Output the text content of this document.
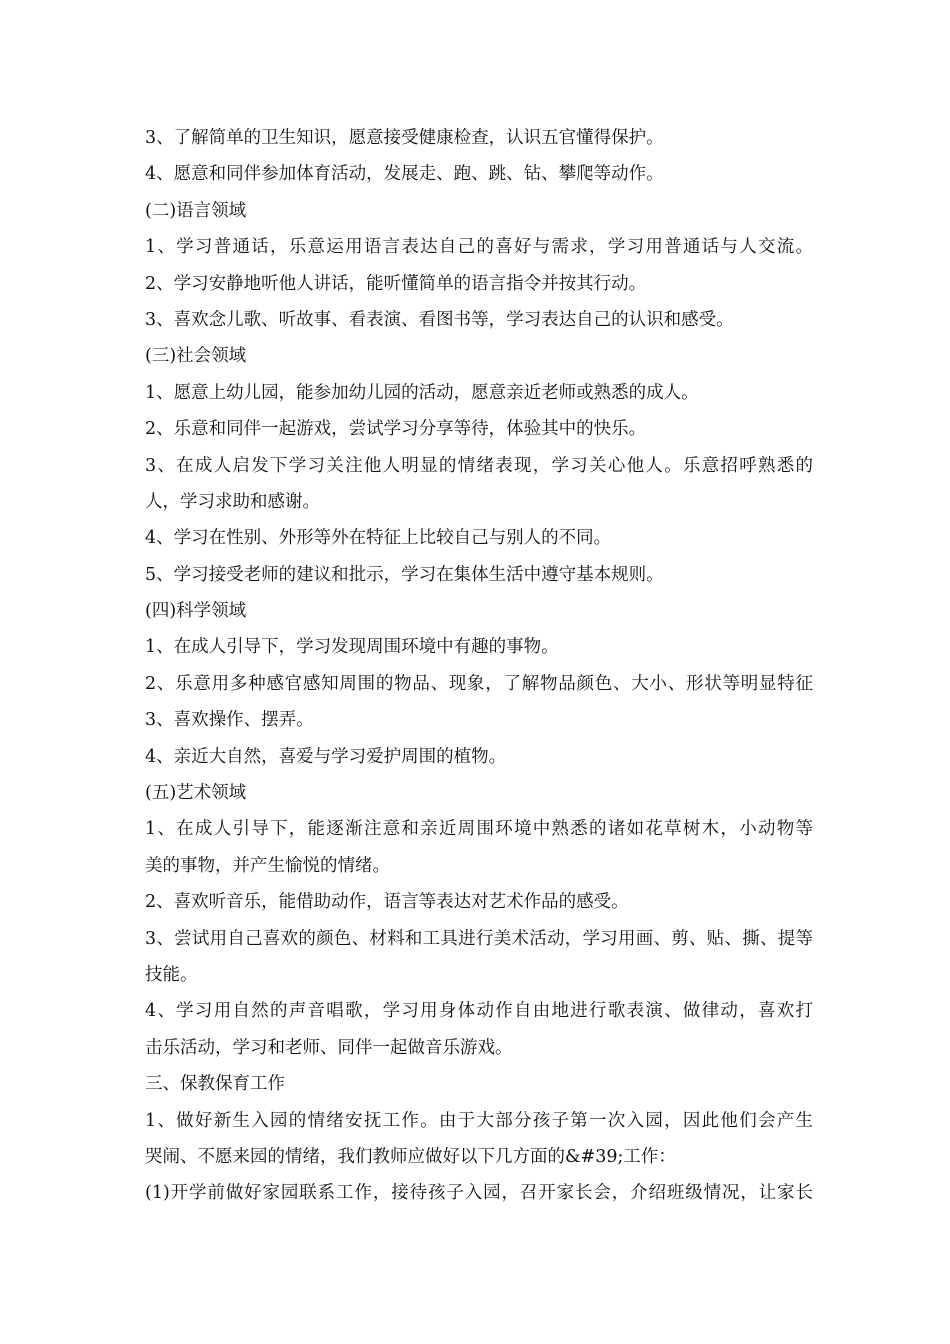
3、了解简单的卫生知识，愿意接受健康检查，认识五官懂得保护。
4、愿意和同伴参加体育活动，发展走、跑、跳、钻、攀爬等动作。
(二)语言领域
1、学习普通话，乐意运用语言表达自己的喜好与需求，学习用普通话与人交流。
2、学习安静地听他人讲话，能听懂简单的语言指令并按其行动。
3、喜欢念儿歌、听故事、看表演、看图书等，学习表达自己的认识和感受。
(三)社会领域
1、愿意上幼儿园，能参加幼儿园的活动，愿意亲近老师或熟悉的成人。
2、乐意和同伴一起游戏，尝试学习分享等待，体验其中的快乐。
3、在成人启发下学习关注他人明显的情绪表现，学习关心他人。乐意招呼熟悉的
人，学习求助和感谢。
4、学习在性别、外形等外在特征上比较自己与别人的不同。
5、学习接受老师的建议和批示，学习在集体生活中遵守基本规则。
(四)科学领域
1、在成人引导下，学习发现周围环境中有趣的事物。
2、乐意用多种感官感知周围的物品、现象，了解物品颜色、大小、形状等明显特征
3、喜欢操作、摆弄。
4、亲近大自然，喜爱与学习爱护周围的植物。
(五)艺术领域
1、在成人引导下，能逐渐注意和亲近周围环境中熟悉的诸如花草树木，小动物等
美的事物，并产生愉悦的情绪。
2、喜欢听音乐，能借助动作，语言等表达对艺术作品的感受。
3、尝试用自己喜欢的颜色、材料和工具进行美术活动，学习用画、剪、贴、撕、提等
技能。
4、学习用自然的声音唱歌，学习用身体动作自由地进行歌表演、做律动，喜欢打
击乐活动，学习和老师、同伴一起做音乐游戏。
三、保教保育工作
1、做好新生入园的情绪安抚工作。由于大部分孩子第一次入园，因此他们会产生
哭闹、不愿来园的情绪，我们教师应做好以下几方面的&#39;工作：
(1)开学前做好家园联系工作，接待孩子入园，召开家长会，介绍班级情况，让家长
